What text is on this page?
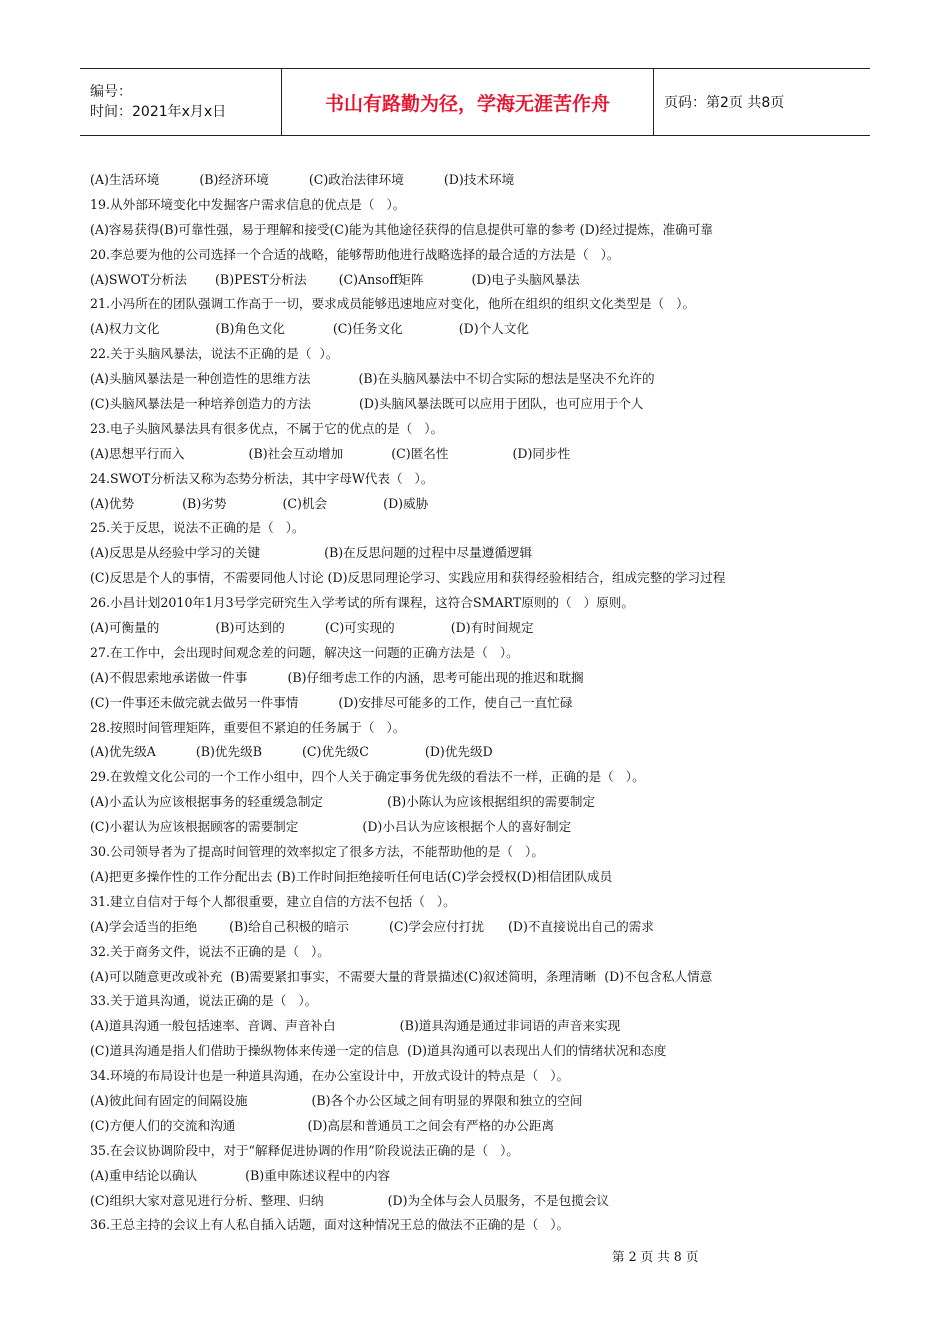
编号：
时间：2021年x月x日	书山有路勤为径，学海无涯苦作舟	页码：第2页 共8页
(A)生活环境          (B)经济环境          (C)政治法律环境          (D)技术环境
19.从外部环境变化中发掘客户需求信息的优点是（   ）。
(A)容易获得(B)可靠性强，易于理解和接受(C)能为其他途径获得的信息提供可靠的参考 (D)经过提炼，准确可靠
20.李总要为他的公司选择一个合适的战略，能够帮助他进行战略选择的最合适的方法是（   ）。
(A)SWOT分析法       (B)PEST分析法        (C)Ansoff矩阵            (D)电子头脑风暴法
21.小冯所在的团队强调工作高于一切，要求成员能够迅速地应对变化，他所在组织的组织文化类型是（   ）。
(A)权力文化              (B)角色文化            (C)任务文化              (D)个人文化
22.关于头脑风暴法，说法不正确的是（  ）。
(A)头脑风暴法是一种创造性的思维方法            (B)在头脑风暴法中不切合实际的想法是坚决不允许的
(C)头脑风暴法是一种培养创造力的方法            (D)头脑风暴法既可以应用于团队，也可应用于个人
23.电子头脑风暴法具有很多优点，不属于它的优点的是（   ）。
(A)思想平行而入                (B)社会互动增加            (C)匿名性                (D)同步性
24.SWOT分析法又称为态势分析法，其中字母W代表（   ）。
(A)优势            (B)劣势              (C)机会              (D)威胁
25.关于反思，说法不正确的是（   ）。
(A)反思是从经验中学习的关键                (B)在反思问题的过程中尽量遵循逻辑
(C)反思是个人的事情，不需要同他人讨论 (D)反思同理论学习、实践应用和获得经验相结合，组成完整的学习过程
26.小昌计划2010年1月3号学完研究生入学考试的所有课程，这符合SMART原则的（   ）原则。
(A)可衡量的              (B)可达到的          (C)可实现的              (D)有时间规定
27.在工作中，会出现时间观念差的问题，解决这一问题的正确方法是（   ）。
(A)不假思索地承诺做一件事          (B)仔细考虑工作的内涵，思考可能出现的推迟和耽搁
(C)一件事还未做完就去做另一件事情          (D)安排尽可能多的工作，使自己一直忙碌
28.按照时间管理矩阵，重要但不紧迫的任务属于（   ）。
(A)优先级A          (B)优先级B          (C)优先级C              (D)优先级D
29.在敦煌文化公司的一个工作小组中，四个人关于确定事务优先级的看法不一样，正确的是（   ）。
(A)小孟认为应该根据事务的轻重缓急制定                (B)小陈认为应该根据组织的需要制定
(C)小翟认为应该根据顾客的需要制定                (D)小吕认为应该根据个人的喜好制定
30.公司领导者为了提高时间管理的效率拟定了很多方法，不能帮助他的是（   ）。
(A)把更多操作性的工作分配出去 (B)工作时间拒绝接听任何电话(C)学会授权(D)相信团队成员
31.建立自信对于每个人都很重要，建立自信的方法不包括（   ）。
(A)学会适当的拒绝        (B)给自己积极的暗示          (C)学会应付打扰      (D)不直接说出自己的需求
32.关于商务文件，说法不正确的是（   ）。
(A)可以随意更改或补充  (B)需要紧扣事实，不需要大量的背景描述(C)叙述简明，条理清晰  (D)不包含私人情意
33.关于道具沟通，说法正确的是（   ）。
(A)道具沟通一般包括速率、音调、声音补白                (B)道具沟通是通过非词语的声音来实现
(C)道具沟通是指人们借助于操纵物体来传递一定的信息  (D)道具沟通可以表现出人们的情绪状况和态度
34.环境的布局设计也是一种道具沟通，在办公室设计中，开放式设计的特点是（   ）。
(A)彼此间有固定的间隔设施                (B)各个办公区域之间有明显的界限和独立的空间
(C)方便人们的交流和沟通                  (D)高层和普通员工之间会有严格的办公距离
35.在会议协调阶段中，对于“解释促进协调的作用”阶段说法正确的是（   ）。
(A)重申结论以确认            (B)重申陈述议程中的内容
(C)组织大家对意见进行分析、整理、归纳                (D)为全体与会人员服务，不是包揽会议
36.王总主持的会议上有人私自插入话题，面对这种情况王总的做法不正确的是（   ）。
第 2 页 共 8 页
